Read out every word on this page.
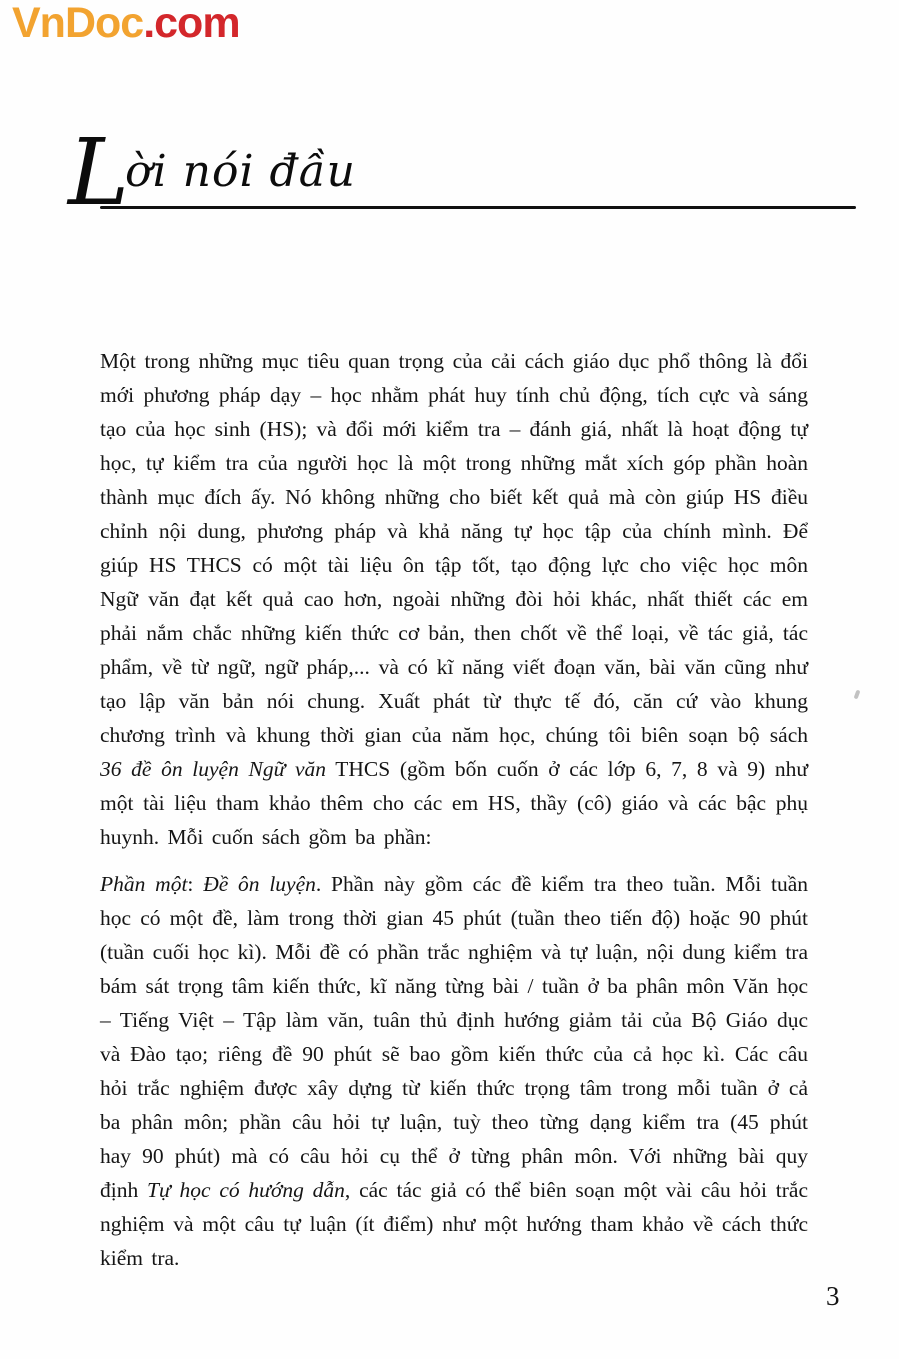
VnDoc.com
Lời nói đầu

Một trong những mục tiêu quan trọng của cải cách giáo dục phổ thông là đổi mới phương pháp dạy – học nhằm phát huy tính chủ động, tích cực và sáng tạo của học sinh (HS); và đổi mới kiểm tra – đánh giá, nhất là hoạt động tự học, tự kiểm tra của người học là một trong những mắt xích góp phần hoàn thành mục đích ấy. Nó không những cho biết kết quả mà còn giúp HS điều chỉnh nội dung, phương pháp và khả năng tự học tập của chính mình. Để giúp HS THCS có một tài liệu ôn tập tốt, tạo động lực cho việc học môn Ngữ văn đạt kết quả cao hơn, ngoài những đòi hỏi khác, nhất thiết các em phải nắm chắc những kiến thức cơ bản, then chốt về thể loại, về tác giả, tác phẩm, về từ ngữ, ngữ pháp,... và có kĩ năng viết đoạn văn, bài văn cũng như tạo lập văn bản nói chung. Xuất phát từ thực tế đó, căn cứ vào khung chương trình và khung thời gian của năm học, chúng tôi biên soạn bộ sách 36 đề ôn luyện Ngữ văn THCS (gồm bốn cuốn ở các lớp 6, 7, 8 và 9) như một tài liệu tham khảo thêm cho các em HS, thầy (cô) giáo và các bậc phụ huynh. Mỗi cuốn sách gồm ba phần:

Phần một: Đề ôn luyện. Phần này gồm các đề kiểm tra theo tuần. Mỗi tuần học có một đề, làm trong thời gian 45 phút (tuần theo tiến độ) hoặc 90 phút (tuần cuối học kì). Mỗi đề có phần trắc nghiệm và tự luận, nội dung kiểm tra bám sát trọng tâm kiến thức, kĩ năng từng bài / tuần ở ba phân môn Văn học – Tiếng Việt – Tập làm văn, tuân thủ định hướng giảm tải của Bộ Giáo dục và Đào tạo; riêng đề 90 phút sẽ bao gồm kiến thức của cả học kì. Các câu hỏi trắc nghiệm được xây dựng từ kiến thức trọng tâm trong mỗi tuần ở cả ba phân môn; phần câu hỏi tự luận, tuỳ theo từng dạng kiểm tra (45 phút hay 90 phút) mà có câu hỏi cụ thể ở từng phân môn. Với những bài quy định Tự học có hướng dẫn, các tác giả có thể biên soạn một vài câu hỏi trắc nghiệm và một câu tự luận (ít điểm) như một hướng tham khảo về cách thức kiểm tra.

3
